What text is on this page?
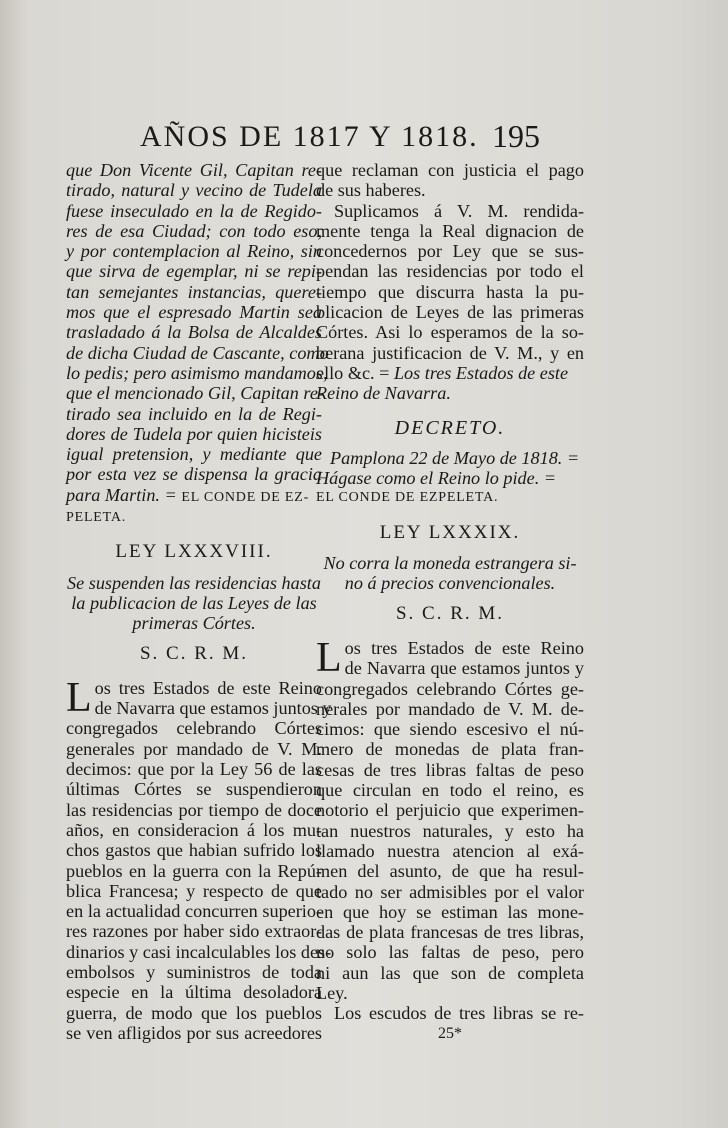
AÑOS DE 1817 Y 1818. 195
que Don Vicente Gil, Capitan re-
tirado, natural y vecino de Tudela
fuese inseculado en la de Regido-
res de esa Ciudad; con todo eso,
y por contemplacion al Reino, sin
que sirva de egemplar, ni se repi-
tan semejantes instancias, quere-
mos que el espresado Martin sea
trasladado á la Bolsa de Alcaldes
de dicha Ciudad de Cascante, como
lo pedis; pero asimismo mandamos,
que el mencionado Gil, Capitan re-
tirado sea incluido en la de Regi-
dores de Tudela por quien hicisteis
igual pretension, y mediante que
por esta vez se dispensa la gracia
para Martin. = EL CONDE DE EZ-
PELETA.
LEY LXXXVIII.
Se suspenden las residencias hasta
la publicacion de las Leyes de las
primeras Córtes.
S. C. R. M.
L os tres Estados de este Reino
de Navarra que estamos juntos y
congregados celebrando Córtes
generales por mandado de V. M.
decimos: que por la Ley 56 de las
últimas Córtes se suspendieron
las residencias por tiempo de doce
años, en consideracion á los mu-
chos gastos que habian sufrido los
pueblos en la guerra con la Repú-
blica Francesa; y respecto de que
en la actualidad concurren superio-
res razones por haber sido extraor-
dinarios y casi incalculables los des-
embolsos y suministros de toda
especie en la última desoladora
guerra, de modo que los pueblos
se ven afligidos por sus acreedores
que reclaman con justicia el pago
de sus haberes.
Suplicamos á V. M. rendida-
mente tenga la Real dignacion de
concedernos por Ley que se sus-
pendan las residencias por todo el
tiempo que discurra hasta la pu-
blicacion de Leyes de las primeras
Córtes. Asi lo esperamos de la so-
berana justificacion de V. M., y en
ello &c. = Los tres Estados de este
Reino de Navarra.
DECRETO.
Pamplona 22 de Mayo de 1818. =
Hágase como el Reino lo pide. =
EL CONDE DE EZPELETA.
LEY LXXXIX.
No corra la moneda estrangera si-
no á precios convencionales.
S. C. R. M.
L os tres Estados de este Reino
de Navarra que estamos juntos y
congregados celebrando Córtes ge-
nerales por mandado de V. M. de-
cimos: que siendo escesivo el nú-
mero de monedas de plata fran-
cesas de tres libras faltas de peso
que circulan en todo el reino, es
notorio el perjuicio que experimen-
tan nuestros naturales, y esto ha
llamado nuestra atencion al exá-
men del asunto, de que ha resul-
tado no ser admisibles por el valor
en que hoy se estiman las mone-
das de plata francesas de tres libras,
no solo las faltas de peso, pero
ni aun las que son de completa
Ley.
Los escudos de tres libras se re-
25*
